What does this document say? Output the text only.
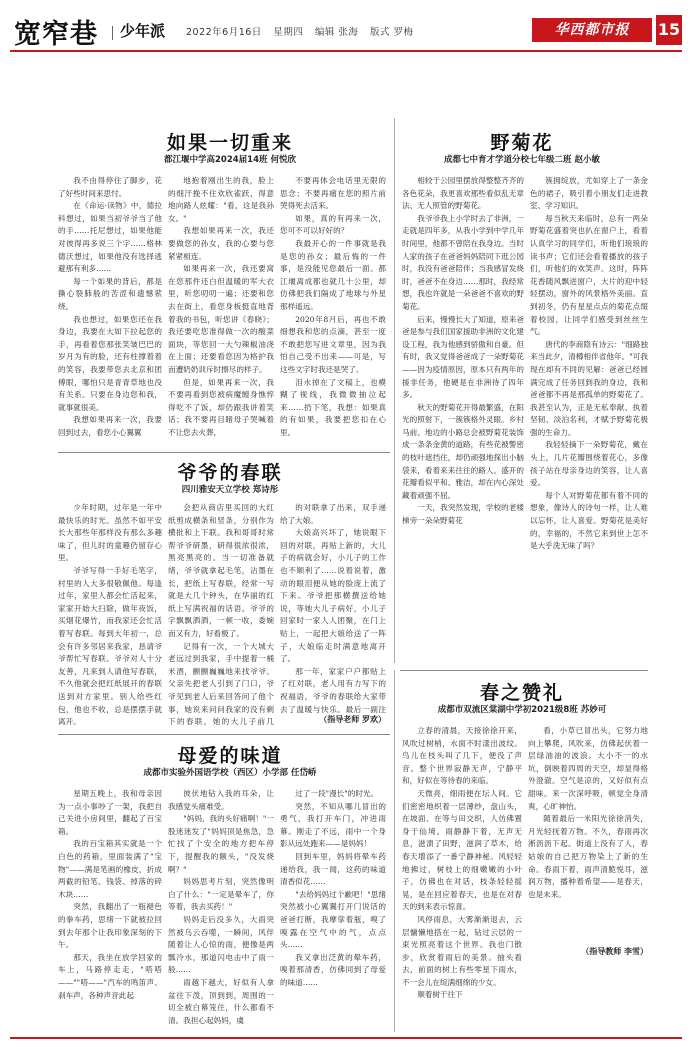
宽窄巷 少年派 2022年6月16日 星期四 编辑 张海 版式 罗梅	华西都市报	15
如果一切重来
都江堰中学高2024届14班 何悦欣

我不由得停住了脚步，花了好些时间来思忖。

在《命运·读物》中，德拉科想过，如果当初爷爷当了他的手……托尼想过，如果他能对彼得再多说三个字……格林德沃想过，如果他没有选择逃避那有利多……

每一个如果的背后，都是撕心裂肺般的苦涩和遗憾萦绕。

我也想过，如果您还在我身边，我要在大如下拉起您的手，再看着您那张笑皱巴巴的岁月为有的脸，还有柱撑着着的笑容，我要带您去北京和团傅眼，哪怕只是青青草地也没有关系。只要在身边您和我，就事就很美。

我想如果再来一次，我要回到过去，看您小心翼翼

地抱着刚出生的我，脸上的细汗挽不住欢欣雀跃，得意地向路人炫耀："看，这是我孙女。"

我想如果再来一次，我还要做您的孙女，我的心要与您紧紧相连。

如果再来一次，我还要窝在您那件还白但温暖的军大衣里，听您叨叨一遍；还要和您去在街上，看您身板挺直地背着我的书包，听您讲《春晓》；我还要吃您准得做一次的酸菜面块，等您回一大勺辣椒油浇在上面；还要看您因为格护我而遭奶奶训斥时擦尽的样子。

但是，如果再来一次，我不要再看到您被病魔缠身憔悴得吃不了饭，却仍跟我讲着笑话；我不要再目睹母子哭喊着不让您去火葬，

不要再体会电话里无限的思念；不要再痛在您的照片前哭得死去活来。

如果，真的有再来一次，您可不可以好好的？

我最开心的一件事就是我是您的孙女；最后悔的一件事，是没能见您最后一面。都江堰离成都也就几十公里，却仿佛把我们隔成了地球与外星那样遥远。

2020年8月后，再也不敢细想我和您的点滴，甚至一度不敢把您写进文章里，因为我怕自己受不出来——可是，写这些文字时我还是哭了。

泪水掉在了文稿上，也模糊了视线，我微微抽泣起来……扔下笔，我想：如果真的有如果，我要把您扣在心里。

野菊花
成都七中育才学道分校七年级二班 赵小敏

相较于公园里摆放得整整齐齐的各色花朵，我更喜欢那些看似乱无章法、无人照管的野菊花。

我爷爷我上小学时去了非洲，一走就是四年多，从我小学到中学几年时间里，他都不曾陪在我身边。当时人家的孩子在爸爸妈妈陪同下逛公园时，我没有爸爸陪伴；当我感冒发烧时，爸爸不在身边……那时，我经常想，我也许就是一朵爸爸不喜欢的野菊花。

后来，慢慢长大了知道，原来爸爸是参与我们国家援助非洲的文化建设工程，我为他感到骄傲和自豪。但有时，我又觉得爸爸成了一朵野菊花——因为疫情原因，原本只有两年的援非任务，他硬是在非洲待了四年多。

秋天的野菊花开得最繁盛，在阳光的照射下，一簇簇格外灵眼。乡村马前、地边的小路总会被野菊花装饰成一条条金黄的道路，有些花被警密的枝叶遮挡住，却仍顽强地探出小脑袋来，看着来来往往的路人。盛开的花瓣看似平和、雅洁，却在内心深处藏着顽强不屈。

一天，我突然发现，学校的老楼梯旁一朵朵野菊花

簇拥绽放，尤如穿上了一条金色的裙子，吸引着小朋友们走进教室、学习知识。

每当秋天来临时，总有一两朵野菊花盛着突也扒在窗户上，看着认真学习的同学们，听他们琅琅的读书声；它们还会看着播放的孩子们，听他们的欢笑声。这时，阵阵花香随风飘进窗户，大片的迎中轻轻摆动，窗外的风景格外美丽。直到初冬，仍有星星点点的菊花点缀着校园，让同学们感受到丝丝生气。

唐代的李商隐有诗云："细路独来当此夕，清樽相伴省他年。"可我现在却有不同的见解：爸爸已经圆满完成了任务回到我的身边，我和爸爸都不再是那孤单的野菊花了。我甚至认为，正是无私奉献、执着坚韧、淡泊名利，才赋予野菊花极强的生命力。

我轻轻摘下一朵野菊花，戴在头上，几片花瓣围绕着花心，多像孩子站在母亲身边的笑容，让人喜爱。

每个人对野菊花都有着不同的想象，像诗人的诗句一样，让人难以忘怀，让人喜爱。野菊花是美好的，幸福的，不然它来到世上怎不是大乎洗无味了吗？

爷爷的春联
四川雅安天立学校 郑诗彤

少年时期，过年是一年中最快乐的时光。虽然不如平安长大那些年那样没有那么多趣味了，但儿时的童趣仍留存心里。

爷爷写得一手好毛笔字，村里的人大多很敬佩他。每逢过年，家里人都会忙活起来，家家开始大扫除，做年夜饭，买烟花爆竹，而我家还会忙活着写春联。每到大年初一，总会有许多邻居来我家，恳请爷爷帮忙写春联。爷爷对人十分友善，凡来到人请他写春联，不久他就会把红纸展开的春联送到对方家里。别人给些红包，他也不收，总是摆摆手就离开。

会把从商店里买回的大红纸剪成横条和竖条，分别作为横批和上下联。我和哥哥时常帮爷爷研墨，研得很浓很浓，黑亮黑亮的。当一切准备就绪，爷爷就拿起毛笔，沾墨在长，把纸上写春联，经常一写就是大几个钟头，在华丽的红纸上写满祝福的话语。爷爷的字飘飘洒洒，一顿一收，委婉而又有力，好看极了。

记得有一次，一个大城大老远过到我家，手中提着一桶米酒，颤颤巍巍地来找爷爷。父亲先把老人引到了门口，爷爷见到老人后来回答问了他个事，她说来问问我家的没有剩下的春联，她的大儿子前几

的对联拿了出来，双手递给了大娘。

大娘高兴坏了，她说眼下回的对联，再贴上新的，大儿子的病就会好，小儿子的工作也不顺利了……说着说着，激动的眼泪便从她的脸庞上流了下来。爷爷把那横撰送给她说，等她大儿子病好，小儿子回家时一家人人团聚，在门上贴上，一起把大娘给送了一阵子，大娘临走时满意地离开了。

那一年，家家户户都贴上了红对联，老人用有力写下的祝福语，爷爷的春联给大家带去了温暖与快乐。最后一副注

（指导老师 罗欢）
春之赞礼
成都市双流区棠湖中学初2021级8班 苏妙可
母爱的味道
成都市实验外国语学校（西区）小学部 任岱峤

星期五晚上，我和母亲因为一点小事吵了一架，我把自己关进小房间里，翻起了百宝箱。

我的百宝箱其实就是一个白色的药箱，里面装满了"宝物"——满是笔画的橡皮，折成两截的铅笔、钱袋、掉落的碎木块……

突然，我翻出了一瓶褪色的拳车药，思绪一下就被拉回到去年那个让我印象深刻的下午。

那天，我坐在放学回家的车上，马路停走走，"嗒嗒——""嗒——"汽车的鸣笛声、刹车声，各种声音此起

彼伏地钻入我的耳朵，让我感觉头痛难受。

"妈妈，我的头好痛啊！"一股迷迷发了"妈妈顶是焦急，急忙找了个安全的地方把车停下，提醒我的额头，"没发烧啊？"

妈妈思考片刻，突然像明白了什么："一定是晕车了，你等着，我去买药！"

妈妈走后没多久，大雨突然被乌云吞噬，一瞬间，风伴随着让人心惊的雨，便像是两瓢冷水，那道闪电击中了雨一般……

雨越下越大，好似有人拿盆往下泼，顶到到，周围的一切全被白幕笼住，什么都看不清。我担心起妈妈，虞

过了一段"漫长"的时光。

突然，不知从哪儿冒出的勇气，我打开车门，冲进雨幕。刚走了不远，雨中一个身影从远处跑来——是妈妈！

回到车里，妈妈将晕车药递给我，我一闻，这药的味道清香似花……

"去给妈妈过个歉吧！"思绪突然被小心翼翼打开门说话的爸爸打断，我摩挲着瓶，嗅了嗅露在空气中的气，点点头……

我又拿出泛黄的晕车药，嗅着那清香，仿佛同到了母爱的味道……

立春的清晨，天接徐徐开来，风吹过树梢，水面不时漾出波纹。鸟儿在枝头叫了几下，便没了声音。整个世界寂静无声，宁静平和，好似在等待春的来临。

天微亮，细雨便在坛人间。它们密密地织着一层薄纱，盘山头，在坡面、在等与田交织，人仿佛置身于仙境。雨静静下着，无声无息，滋溃了田野，滋润了草木，给春天增添了一番宁静神秘。风轻轻地拂过，树枝上的细嫩嫩的小叶子，仿佛也在对话，枝条轻轻摇晃，是在回应着春天，也是在对春天的到来表示惊喜。

风停雨息，大雾渐渐退去，云层慵懒地搭在一起，钻过云层的一束光照亮着这个世界。我也门散步，欣赏着雨后的美景。抽头看去，前面的树上有些零星下雨水，不一会儿在绽满细绵的少女。

顺着树干往下

看，小草已冒出头，它努力地向上攀爬，风吹来，仿佛起伏着一层绿油油的波浪。大小不一的水坑，倒映着四周的天空，却显得格外澄澈。空气是凉的，又好似有点甜味。来一次深呼吸，顿觉全身清爽，心旷神怡。

随着最后一米阳光徐徐消失，月光轻抚着万物。不久，春雨再次淅沥沥下起。街道上没有了人，春姑娘的自己把万物染上了新的生命。春雨下着，雨声清脆悦耳，滋润万物，播种着希望——是春天，也是未来。

（指导教师 李雪）
